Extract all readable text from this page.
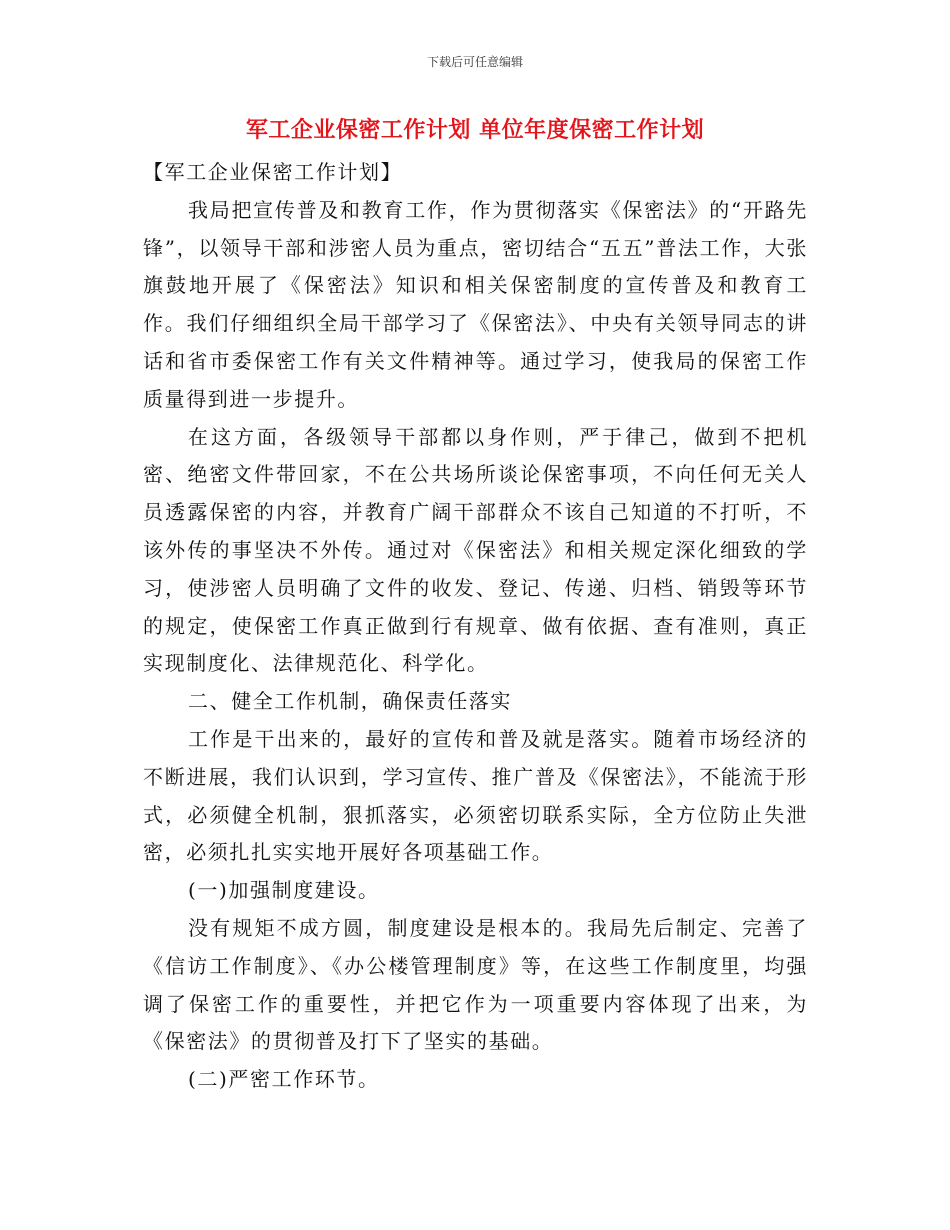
下载后可任意编辑
军工企业保密工作计划 单位年度保密工作计划

【军工企业保密工作计划】

我局把宣传普及和教育工作，作为贯彻落实《保密法》的“开路先锋”，以领导干部和涉密人员为重点，密切结合“五五”普法工作，大张旗鼓地开展了《保密法》知识和相关保密制度的宣传普及和教育工作。我们仔细组织全局干部学习了《保密法》、中央有关领导同志的讲话和省市委保密工作有关文件精神等。通过学习，使我局的保密工作质量得到进一步提升。

在这方面，各级领导干部都以身作则，严于律己，做到不把机密、绝密文件带回家，不在公共场所谈论保密事项，不向任何无关人员透露保密的内容，并教育广阔干部群众不该自己知道的不打听，不该外传的事坚决不外传。通过对《保密法》和相关规定深化细致的学习，使涉密人员明确了文件的收发、登记、传递、归档、销毁等环节的规定，使保密工作真正做到行有规章、做有依据、查有准则，真正实现制度化、法律规范化、科学化。

二、健全工作机制，确保责任落实

工作是干出来的，最好的宣传和普及就是落实。随着市场经济的不断进展，我们认识到，学习宣传、推广普及《保密法》，不能流于形式，必须健全机制，狠抓落实，必须密切联系实际，全方位防止失泄密，必须扎扎实实地开展好各项基础工作。

(一)加强制度建设。

没有规矩不成方圆，制度建设是根本的。我局先后制定、完善了《信访工作制度》、《办公楼管理制度》等，在这些工作制度里，均强调了保密工作的重要性，并把它作为一项重要内容体现了出来，为《保密法》的贯彻普及打下了坚实的基础。

(二)严密工作环节。
